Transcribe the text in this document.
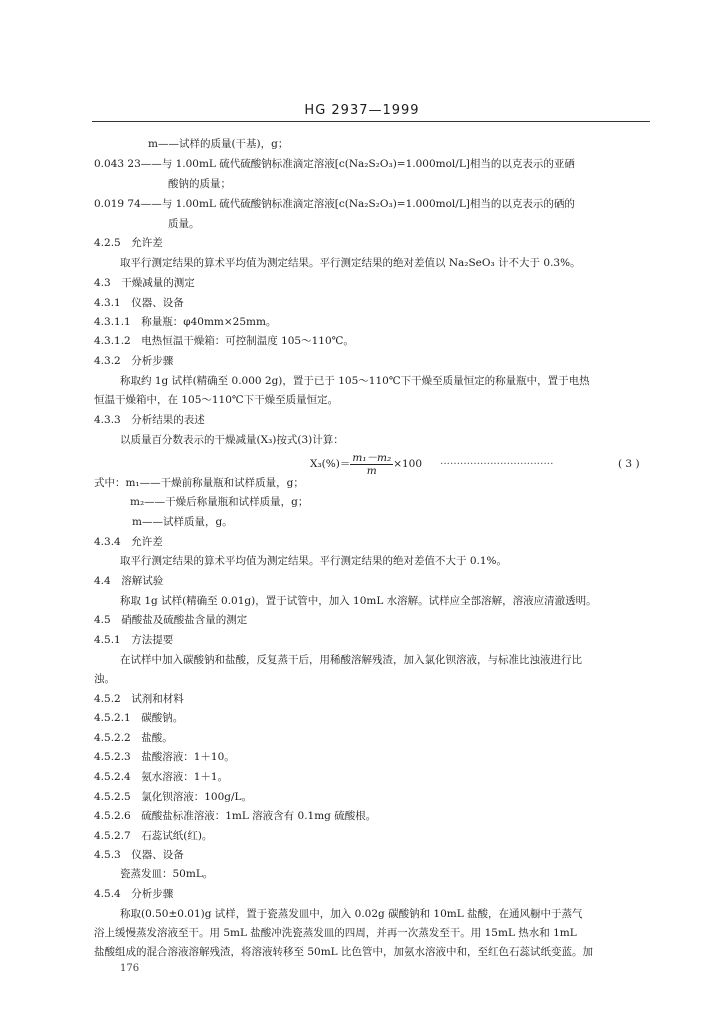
HG 2937—1999
m——试样的质量(干基)，g；
0.043 23——与 1.00mL 硫代硫酸钠标准滴定溶液[c(Na₂S₂O₃)=1.000mol/L]相当的以克表示的亚硒
酸钠的质量；
0.019 74——与 1.00mL 硫代硫酸钠标准滴定溶液[c(Na₂S₂O₃)=1.000mol/L]相当的以克表示的硒的
质量。
4.2.5　允许差
取平行测定结果的算术平均值为测定结果。平行测定结果的绝对差值以 Na₂SeO₃ 计不大于 0.3%。
4.3　干燥减量的测定
4.3.1　仪器、设备
4.3.1.1　称量瓶：φ40mm×25mm。
4.3.1.2　电热恒温干燥箱：可控制温度 105～110℃。
4.3.2　分析步骤
称取约 1g 试样(精确至 0.000 2g)，置于已于 105～110℃下干燥至质量恒定的称量瓶中，置于电热
恒温干燥箱中，在 105～110℃下干燥至质量恒定。
4.3.3　分析结果的表述
以质量百分数表示的干燥减量(X₃)按式(3)计算：
$X_3(\%)= \frac{\text{m₁－m₂}}{m} \times 100$ ··································	( 3 )
式中：m₁——干燥前称量瓶和试样质量，g；
m₂——干燥后称量瓶和试样质量，g；
m——试样质量，g。
4.3.4　允许差
取平行测定结果的算术平均值为测定结果。平行测定结果的绝对差值不大于 0.1%。
4.4　溶解试验
称取 1g 试样(精确至 0.01g)，置于试管中，加入 10mL 水溶解。试样应全部溶解，溶液应清澈透明。
4.5　硝酸盐及硫酸盐含量的测定
4.5.1　方法提要
在试样中加入碳酸钠和盐酸，反复蒸干后，用稀酸溶解残渣，加入氯化钡溶液，与标准比浊液进行比
浊。
4.5.2　试剂和材料
4.5.2.1　碳酸钠。
4.5.2.2　盐酸。
4.5.2.3　盐酸溶液：1＋10。
4.5.2.4　氨水溶液：1＋1。
4.5.2.5　氯化钡溶液：100g/L。
4.5.2.6　硫酸盐标准溶液：1mL 溶液含有 0.1mg 硫酸根。
4.5.2.7　石蕊试纸(红)。
4.5.3　仪器、设备
瓷蒸发皿：50mL。
4.5.4　分析步骤
称取(0.50±0.01)g 试样，置于瓷蒸发皿中，加入 0.02g 碳酸钠和 10mL 盐酸，在通风橱中于蒸气
浴上缓慢蒸发溶液至干。用 5mL 盐酸冲洗瓷蒸发皿的四周，并再一次蒸发至干。用 15mL 热水和 1mL
盐酸组成的混合溶液溶解残渣，将溶液转移至 50mL 比色管中，加氨水溶液中和，至红色石蕊试纸变蓝。加
176
